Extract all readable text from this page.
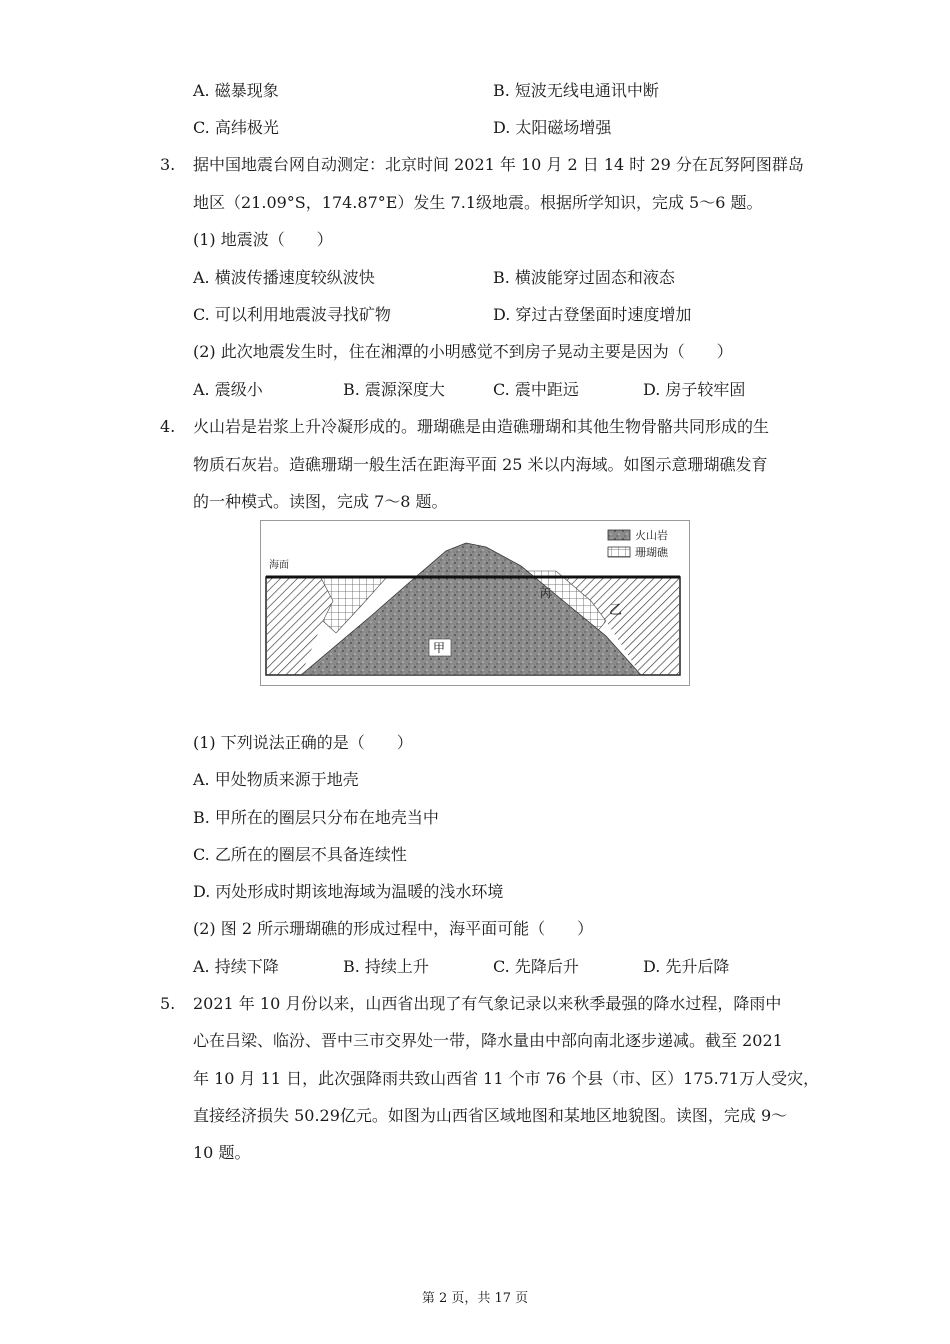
A. 磁暴现象	B. 短波无线电通讯中断
C. 高纬极光	D. 太阳磁场增强
3. 据中国地震台网自动测定：北京时间 2021 年 10 月 2 日 14 时 29 分在瓦努阿图群岛
地区（21.09°S，174.87°E）发生 7.1级地震。根据所学知识，完成 5～6 题。
(1) 地震波（　　）
A. 横波传播速度较纵波快	B. 横波能穿过固态和液态
C. 可以利用地震波寻找矿物	D. 穿过古登堡面时速度增加
(2) 此次地震发生时，住在湘潭的小明感觉不到房子晃动主要是因为（　　）
A. 震级小	B. 震源深度大	C. 震中距远	D. 房子较牢固
4. 火山岩是岩浆上升冷凝形成的。珊瑚礁是由造礁珊瑚和其他生物骨骼共同形成的生
物质石灰岩。造礁珊瑚一般生活在距海平面 25 米以内海域。如图示意珊瑚礁发育
的一种模式。读图，完成 7～8 题。
火山岩
珊瑚礁
海面
甲
乙
丙
(1) 下列说法正确的是（　　）
A. 甲处物质来源于地壳
B. 甲所在的圈层只分布在地壳当中
C. 乙所在的圈层不具备连续性
D. 丙处形成时期该地海域为温暖的浅水环境
(2) 图 2 所示珊瑚礁的形成过程中，海平面可能（　　）
A. 持续下降	B. 持续上升	C. 先降后升	D. 先升后降
5. 2021 年 10 月份以来，山西省出现了有气象记录以来秋季最强的降水过程，降雨中
心在吕梁、临汾、晋中三市交界处一带，降水量由中部向南北逐步递减。截至 2021
年 10 月 11 日，此次强降雨共致山西省 11 个市 76 个县（市、区）175.71万人受灾，
直接经济损失 50.29亿元。如图为山西省区域地图和某地区地貌图。读图，完成 9～
10 题。
第 2 页，共 17 页
